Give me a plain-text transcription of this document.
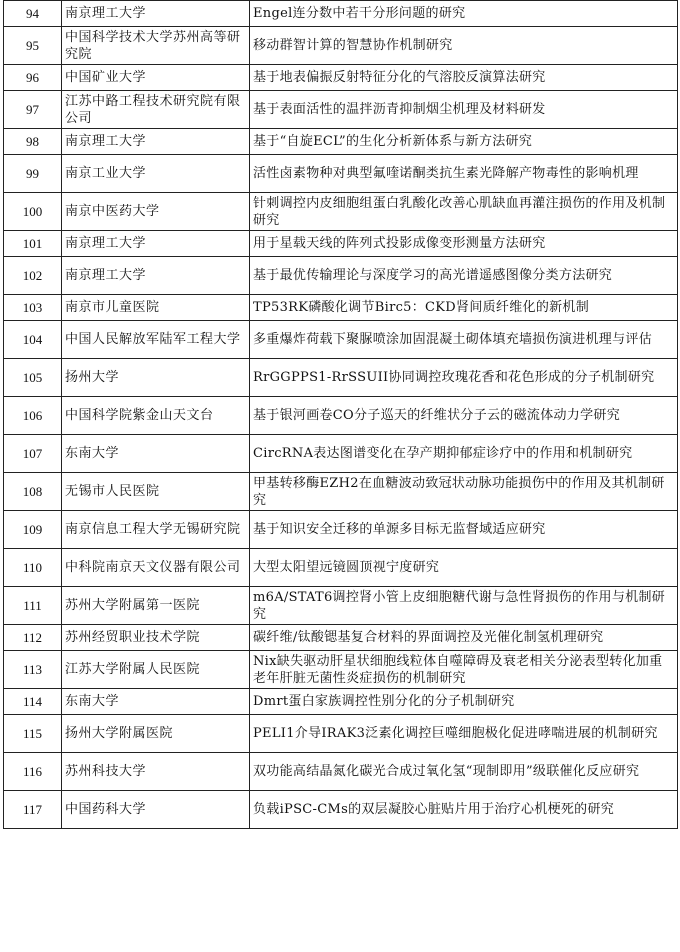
94	南京理工大学	Engel连分数中若干分形问题的研究
95	中国科学技术大学苏州高等研究院	移动群智计算的智慧协作机制研究
96	中国矿业大学	基于地表偏振反射特征分化的气溶胶反演算法研究
97	江苏中路工程技术研究院有限公司	基于表面活性的温拌沥青抑制烟尘机理及材料研发
98	南京理工大学	基于“自旋ECL”的生化分析新体系与新方法研究
99	南京工业大学	活性卤素物种对典型氟喹诺酮类抗生素光降解产物毒性的影响机理
100	南京中医药大学	针刺调控内皮细胞组蛋白乳酸化改善心肌缺血再灌注损伤的作用及机制研究
101	南京理工大学	用于星载天线的阵列式投影成像变形测量方法研究
102	南京理工大学	基于最优传输理论与深度学习的高光谱遥感图像分类方法研究
103	南京市儿童医院	TP53RK磷酸化调节Birc5：CKD肾间质纤维化的新机制
104	中国人民解放军陆军工程大学	多重爆炸荷载下聚脲喷涂加固混凝土砌体填充墙损伤演进机理与评估
105	扬州大学	RrGGPPS1-RrSSUII协同调控玫瑰花香和花色形成的分子机制研究
106	中国科学院紫金山天文台	基于银河画卷CO分子巡天的纤维状分子云的磁流体动力学研究
107	东南大学	CircRNA表达图谱变化在孕产期抑郁症诊疗中的作用和机制研究
108	无锡市人民医院	甲基转移酶EZH2在血糖波动致冠状动脉功能损伤中的作用及其机制研究
109	南京信息工程大学无锡研究院	基于知识安全迁移的单源多目标无监督域适应研究
110	中科院南京天文仪器有限公司	大型太阳望远镜圆顶视宁度研究
111	苏州大学附属第一医院	m6A/STAT6调控肾小管上皮细胞糖代谢与急性肾损伤的作用与机制研究
112	苏州经贸职业技术学院	碳纤维/钛酸锶基复合材料的界面调控及光催化制氢机理研究
113	江苏大学附属人民医院	Nix缺失驱动肝星状细胞线粒体自噬障碍及衰老相关分泌表型转化加重老年肝脏无菌性炎症损伤的机制研究
114	东南大学	Dmrt蛋白家族调控性别分化的分子机制研究
115	扬州大学附属医院	PELI1介导IRAK3泛素化调控巨噬细胞极化促进哮喘进展的机制研究
116	苏州科技大学	双功能高结晶氮化碳光合成过氧化氢“现制即用”级联催化反应研究
117	中国药科大学	负载iPSC-CMs的双层凝胶心脏贴片用于治疗心机梗死的研究
